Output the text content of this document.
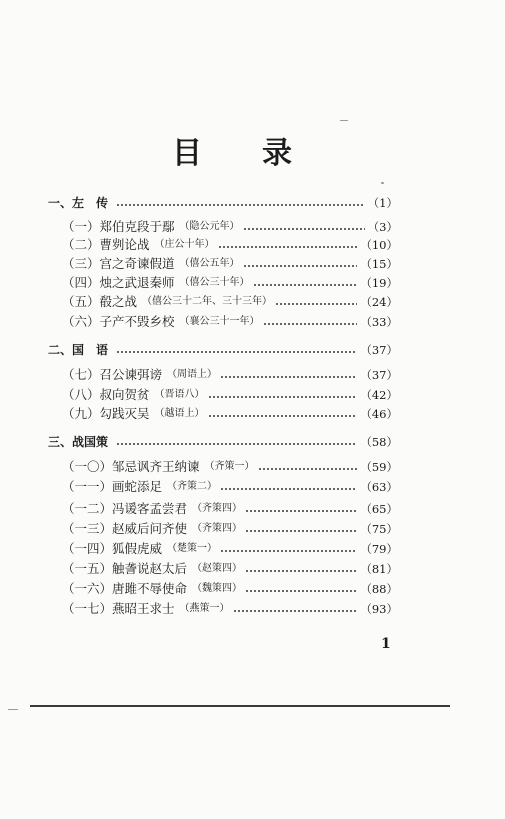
目 录
一、 左　传	（1）
（一） 郑伯克段于鄢 （隐公元年）	（3）
（二） 曹刿论战 （庄公十年）	（10）
（三） 宫之奇谏假道 （僖公五年）	（15）
（四） 烛之武退秦师 （僖公三十年）	（19）
（五） 殽之战 （僖公三十二年、三十三年）	（24）
（六） 子产不毁乡校 （襄公三十一年）	（33）
二、 国　语	（37）
（七） 召公谏弭谤 （周语上）	（37）
（八） 叔向贺贫 （晋语八）	（42）
（九） 勾践灭吴 （越语上）	（46）
三、 战国策	（58）
（一〇） 邹忌讽齐王纳谏 （齐策一）	（59）
（一一） 画蛇添足 （齐策二）	（63）
（一二） 冯谖客孟尝君 （齐策四）	（65）
（一三） 赵威后问齐使 （齐策四）	（75）
（一四） 狐假虎威 （楚策一）	（79）
（一五） 触詟说赵太后 （赵策四）	（81）
（一六） 唐雎不辱使命 （魏策四）	（88）
（一七） 燕昭王求士 （燕策一）	（93）
1
